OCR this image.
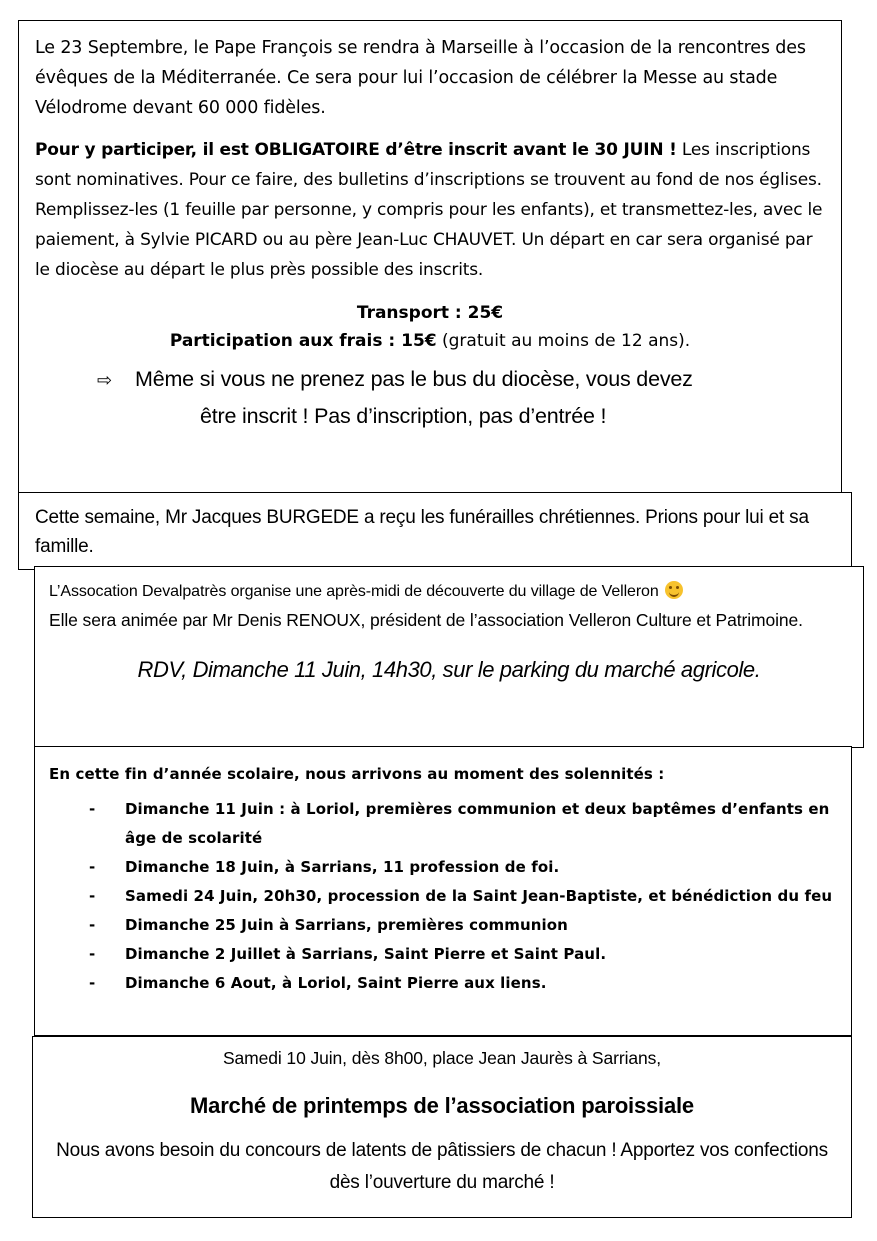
Le 23 Septembre, le Pape François se rendra à Marseille à l’occasion de la rencontres des évêques de la Méditerranée. Ce sera pour lui l’occasion de célébrer la Messe au stade Vélodrome devant 60 000 fidèles.

Pour y participer, il est OBLIGATOIRE d’être inscrit avant le 30 JUIN ! Les inscriptions sont nominatives. Pour ce faire, des bulletins d’inscriptions se trouvent au fond de nos églises. Remplissez-les (1 feuille par personne, y compris pour les enfants), et transmettez-les, avec le paiement, à Sylvie PICARD ou au père Jean-Luc CHAUVET. Un départ en car sera organisé par le diocèse au départ le plus près possible des inscrits.

Transport : 25€

Participation aux frais : 15€ (gratuit au moins de 12 ans).

⇨ Même si vous ne prenez pas le bus du diocèse, vous devez

être inscrit ! Pas d’inscription, pas d’entrée !

Cette semaine, Mr Jacques BURGEDE a reçu les funérailles chrétiennes. Prions pour lui et sa famille.

L’Assocation Devalpatrès organise une après-midi de découverte du village de Velleron

Elle sera animée par Mr Denis RENOUX, président de l’association Velleron Culture et Patrimoine.

RDV, Dimanche 11 Juin, 14h30, sur le parking du marché agricole.

En cette fin d’année scolaire, nous arrivons au moment des solennités :

- Dimanche 11 Juin : à Loriol, premières communion et deux baptêmes d’enfants en âge de scolarité
- Dimanche 18 Juin, à Sarrians, 11 profession de foi.
- Samedi 24 Juin, 20h30, procession de la Saint Jean-Baptiste, et bénédiction du feu
- Dimanche 25 Juin à Sarrians, premières communion
- Dimanche 2 Juillet à Sarrians, Saint Pierre et Saint Paul.
- Dimanche 6 Aout, à Loriol, Saint Pierre aux liens.

Samedi 10 Juin, dès 8h00, place Jean Jaurès à Sarrians,

Marché de printemps de l’association paroissiale

Nous avons besoin du concours de latents de pâtissiers de chacun ! Apportez vos confections dès l’ouverture du marché !
